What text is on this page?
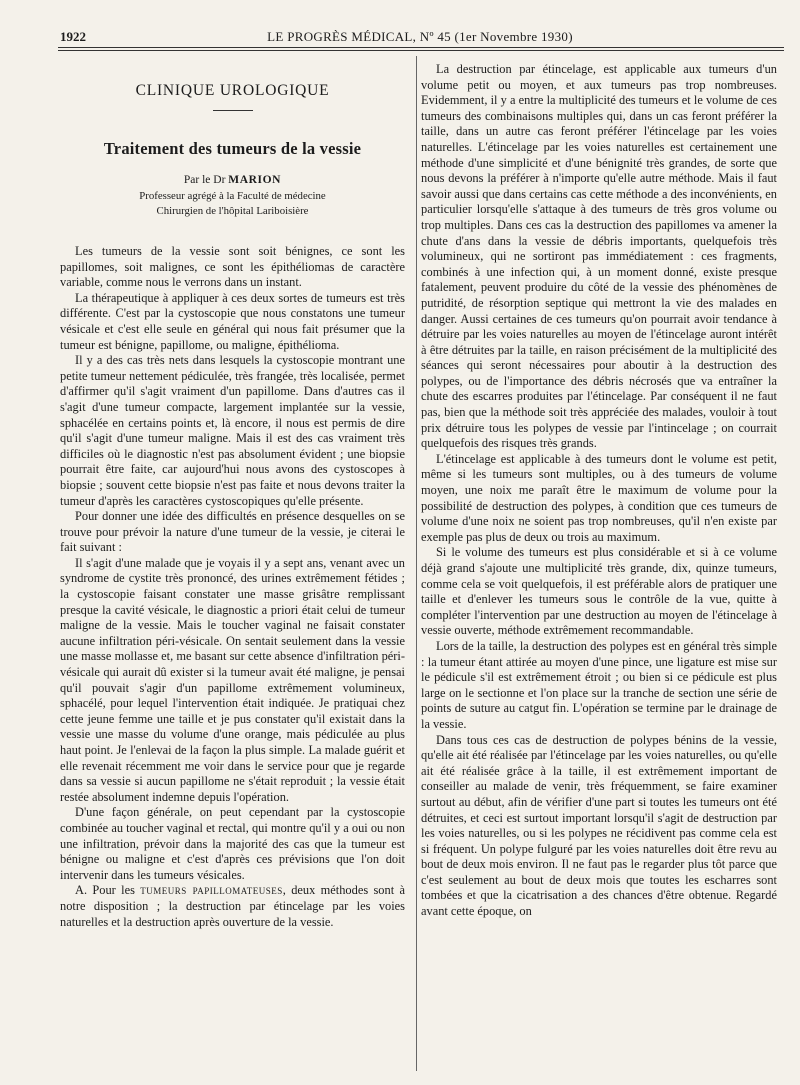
1922	LE PROGRÈS MÉDICAL, Nº 45 (1er Novembre 1930)
CLINIQUE UROLOGIQUE
Traitement des tumeurs de la vessie
Par le Dr MARION
Professeur agrégé à la Faculté de médecine
Chirurgien de l'hôpital Lariboisière

Les tumeurs de la vessie sont soit bénignes, ce sont les papillomes, soit malignes, ce sont les épithéliomas de caractère variable, comme nous le verrons dans un instant.

La thérapeutique à appliquer à ces deux sortes de tumeurs est très différente. C'est par la cystoscopie que nous constatons une tumeur vésicale et c'est elle seule en général qui nous fait présumer que la tumeur est bénigne, papillome, ou maligne, épithélioma.

Il y a des cas très nets dans lesquels la cystoscopie montrant une petite tumeur nettement pédiculée, très frangée, très localisée, permet d'affirmer qu'il s'agit vraiment d'un papillome. Dans d'autres cas il s'agit d'une tumeur compacte, largement implantée sur la vessie, sphacélée en certains points et, là encore, il nous est permis de dire qu'il s'agit d'une tumeur maligne. Mais il est des cas vraiment très difficiles où le diagnostic n'est pas absolument évident ; une biopsie pourrait être faite, car aujourd'hui nous avons des cystoscopes à biopsie ; souvent cette biopsie n'est pas faite et nous devons traiter la tumeur d'après les caractères cystoscopiques qu'elle présente.

Pour donner une idée des difficultés en présence desquelles on se trouve pour prévoir la nature d'une tumeur de la vessie, je citerai le fait suivant :

Il s'agit d'une malade que je voyais il y a sept ans, venant avec un syndrome de cystite très prononcé, des urines extrêmement fétides ; la cystoscopie faisant constater une masse grisâtre remplissant presque la cavité vésicale, le diagnostic a priori était celui de tumeur maligne de la vessie. Mais le toucher vaginal ne faisait constater aucune infiltration péri-vésicale. On sentait seulement dans la vessie une masse mollasse et, me basant sur cette absence d'infiltration péri-vésicale qui aurait dû exister si la tumeur avait été maligne, je pensai qu'il pouvait s'agir d'un papillome extrêmement volumineux, sphacélé, pour lequel l'intervention était indiquée. Je pratiquai chez cette jeune femme une taille et je pus constater qu'il existait dans la vessie une masse du volume d'une orange, mais pédiculée au plus haut point. Je l'enlevai de la façon la plus simple. La malade guérit et elle revenait récemment me voir dans le service pour que je regarde dans sa vessie si aucun papillome ne s'était reproduit ; la vessie était restée absolument indemne depuis l'opération.

D'une façon générale, on peut cependant par la cystoscopie combinée au toucher vaginal et rectal, qui montre qu'il y a oui ou non une infiltration, prévoir dans la majorité des cas que la tumeur est bénigne ou maligne et c'est d'après ces prévisions que l'on doit intervenir dans les tumeurs vésicales.

A. Pour les tumeurs papillomateuses, deux méthodes sont à notre disposition ; la destruction par étincelage par les voies naturelles et la destruction après ouverture de la vessie.

La destruction par étincelage, est applicable aux tumeurs d'un volume petit ou moyen, et aux tumeurs pas trop nombreuses. Evidemment, il y a entre la multiplicité des tumeurs et le volume de ces tumeurs des combinaisons multiples qui, dans un cas feront préférer la taille, dans un autre cas feront préférer l'étincelage par les voies naturelles. L'étincelage par les voies naturelles est certainement une méthode d'une simplicité et d'une bénignité très grandes, de sorte que nous devons la préférer à n'importe qu'elle autre méthode. Mais il faut savoir aussi que dans certains cas cette méthode a des inconvénients, en particulier lorsqu'elle s'attaque à des tumeurs de très gros volume ou trop multiples. Dans ces cas la destruction des papillomes va amener la chute d'ans dans la vessie de débris importants, quelquefois très volumineux, qui ne sortiront pas immédiatement : ces fragments, combinés à une infection qui, à un moment donné, existe presque fatalement, peuvent produire du côté de la vessie des phénomènes de putridité, de résorption septique qui mettront la vie des malades en danger. Aussi certaines de ces tumeurs qu'on pourrait avoir tendance à détruire par les voies naturelles au moyen de l'étincelage auront intérêt à être détruites par la taille, en raison précisément de la multiplicité des séances qui seront nécessaires pour aboutir à la destruction des polypes, ou de l'importance des débris nécrosés que va entraîner la chute des escarres produites par l'étincelage. Par conséquent il ne faut pas, bien que la méthode soit très appréciée des malades, vouloir à tout prix détruire tous les polypes de vessie par l'intincelage ; on courrait quelquefois des risques très grands.

L'étincelage est applicable à des tumeurs dont le volume est petit, même si les tumeurs sont multiples, ou à des tumeurs de volume moyen, une noix me paraît être le maximum de volume pour la possibilité de destruction des polypes, à condition que ces tumeurs de volume d'une noix ne soient pas trop nombreuses, qu'il n'en existe par exemple pas plus de deux ou trois au maximum.

Si le volume des tumeurs est plus considérable et si à ce volume déjà grand s'ajoute une multiplicité très grande, dix, quinze tumeurs, comme cela se voit quelquefois, il est préférable alors de pratiquer une taille et d'enlever les tumeurs sous le contrôle de la vue, quitte à compléter l'intervention par une destruction au moyen de l'étincelage à vessie ouverte, méthode extrêmement recommandable.

Lors de la taille, la destruction des polypes est en général très simple : la tumeur étant attirée au moyen d'une pince, une ligature est mise sur le pédicule s'il est extrêmement étroit ; ou bien si ce pédicule est plus large on le sectionne et l'on place sur la tranche de section une série de points de suture au catgut fin. L'opération se termine par le drainage de la vessie.

Dans tous ces cas de destruction de polypes bénins de la vessie, qu'elle ait été réalisée par l'étincelage par les voies naturelles, ou qu'elle ait été réalisée grâce à la taille, il est extrêmement important de conseiller au malade de venir, très fréquemment, se faire examiner surtout au début, afin de vérifier d'une part si toutes les tumeurs ont été détruites, et ceci est surtout important lorsqu'il s'agit de destruction par les voies naturelles, ou si les polypes ne récidivent pas comme cela est si fréquent. Un polype fulguré par les voies naturelles doit être revu au bout de deux mois environ. Il ne faut pas le regarder plus tôt parce que c'est seulement au bout de deux mois que toutes les escharres sont tombées et que la cicatrisation a des chances d'être obtenue. Regardé avant cette époque, on
